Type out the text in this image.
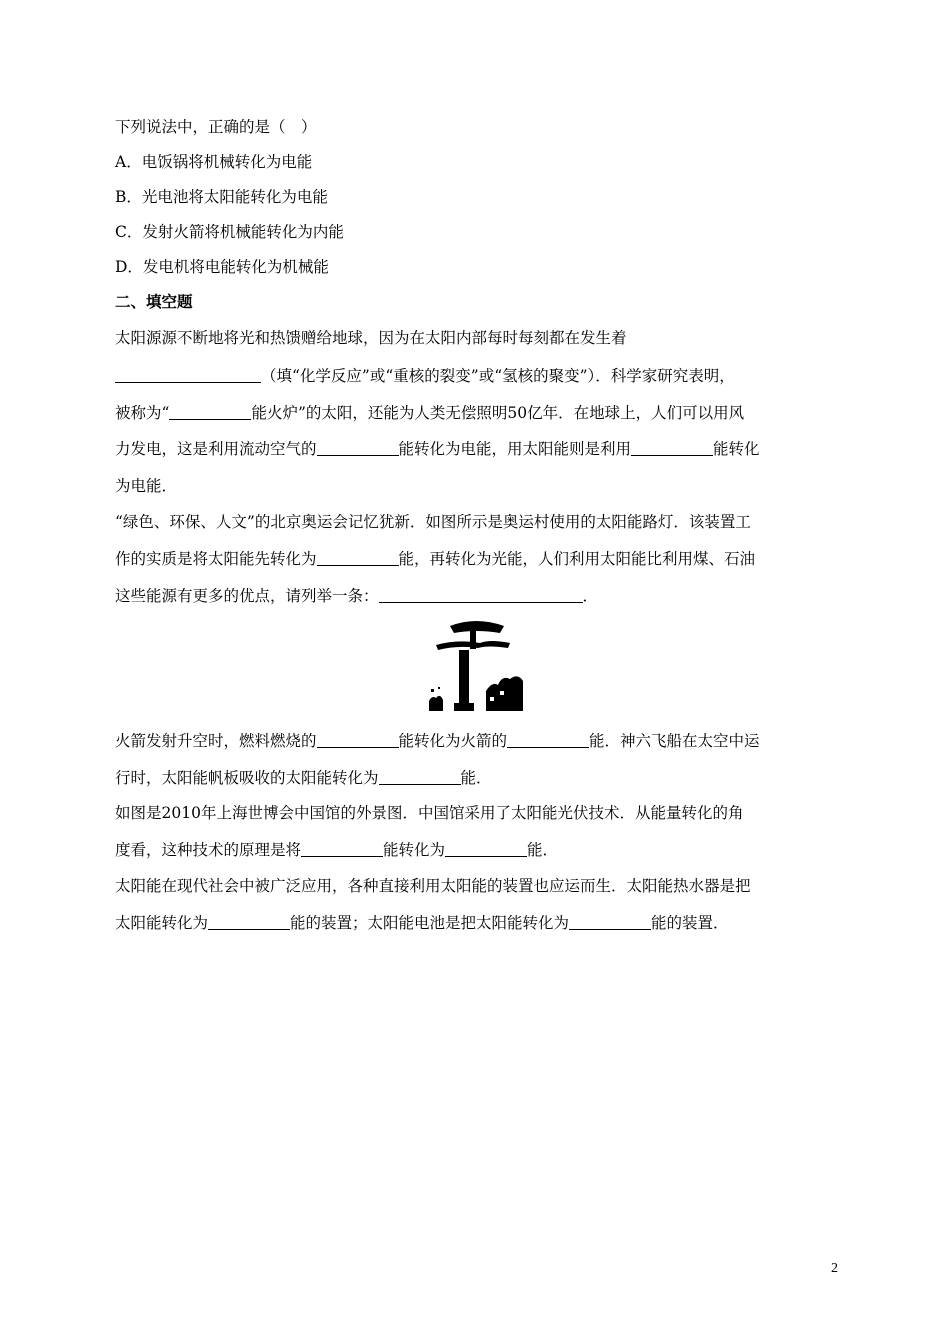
下列说法中，正确的是（　）
A．电饭锅将机械转化为电能
B．光电池将太阳能转化为电能
C．发射火箭将机械能转化为内能
D．发电机将电能转化为机械能
二、填空题
太阳源源不断地将光和热馈赠给地球，因为在太阳内部每时每刻都在发生着
（填“化学反应”或“重核的裂变”或“氢核的聚变”）．科学家研究表明，
被称为“	能火炉”的太阳，还能为人类无偿照明50亿年．在地球上，人们可以用风
力发电，这是利用流动空气的	能转化为电能，用太阳能则是利用	能转化
为电能．
“绿色、环保、人文”的北京奥运会记忆犹新．如图所示是奥运村使用的太阳能路灯．该装置工
作的实质是将太阳能先转化为	能，再转化为光能，人们利用太阳能比利用煤、石油
这些能源有更多的优点，请列举一条：	．
火箭发射升空时，燃料燃烧的	能转化为火箭的	能．神六飞船在太空中运
行时，太阳能帆板吸收的太阳能转化为	能．
如图是2010年上海世博会中国馆的外景图．中国馆采用了太阳能光伏技术．从能量转化的角
度看，这种技术的原理是将	能转化为	能．
太阳能在现代社会中被广泛应用，各种直接利用太阳能的装置也应运而生．太阳能热水器是把
太阳能转化为	能的装置；太阳能电池是把太阳能转化为	能的装置．
2
